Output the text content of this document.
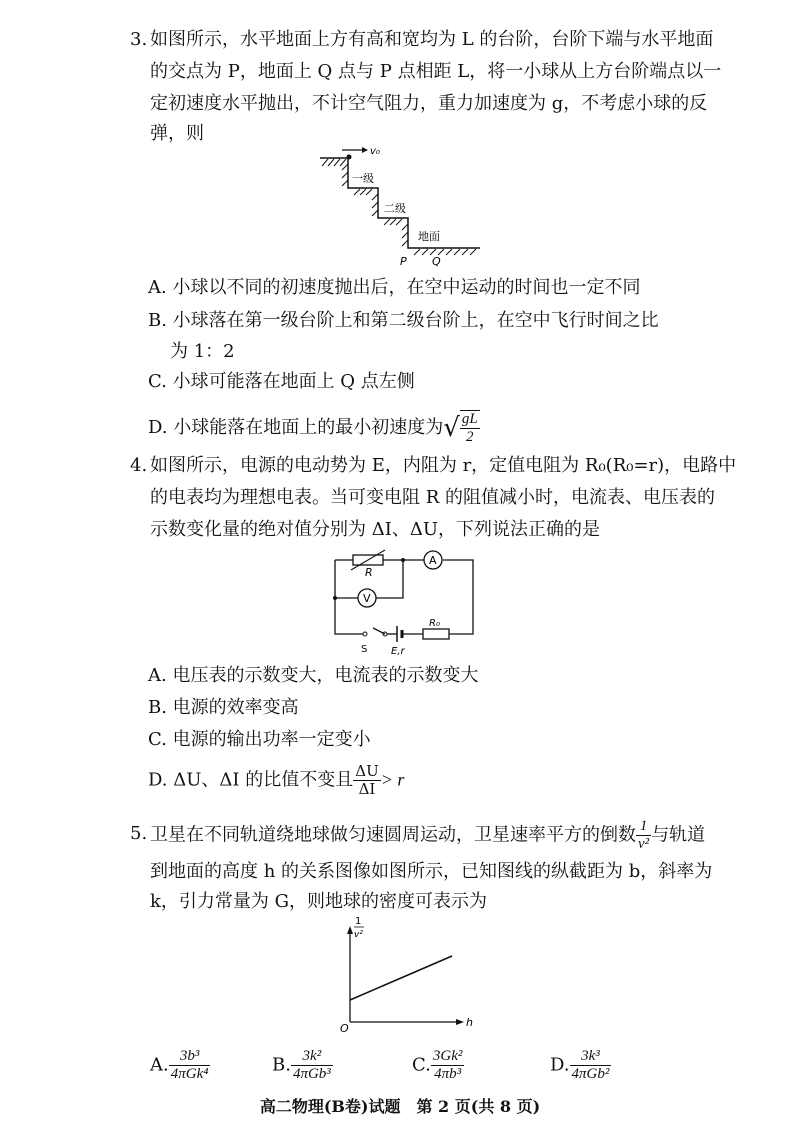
3. 如图所示，水平地面上方有高和宽均为 L 的台阶，台阶下端与水平地面
的交点为 P，地面上 Q 点与 P 点相距 L，将一小球从上方台阶端点以一
定初速度水平抛出，不计空气阻力，重力加速度为 g，不考虑小球的反
弹，则
v₀
一级
二级
地面
P Q
A. 小球以不同的初速度抛出后，在空中运动的时间也一定不同
B. 小球落在第一级台阶上和第二级台阶上，在空中飞行时间之比
为 1：2
C. 小球可能落在地面上 Q 点左侧
D. 小球能落在地面上的最小初速度为√ $\frac{gL}{2}$
4. 如图所示，电源的电动势为 E，内阻为 r，定值电阻为 R₀(R₀=r)，电路中
的电表均为理想电表。当可变电阻 R 的阻值减小时，电流表、电压表的
示数变化量的绝对值分别为 ΔI、ΔU，下列说法正确的是
A
R
V
S E,r
R₀
A. 电压表的示数变大，电流表的示数变大
B. 电源的效率变高
C. 电源的输出功率一定变小
D. ΔU、ΔI 的比值不变且 $\frac{\Delta U}{\Delta I} > r$
5. 卫星在不同轨道绕地球做匀速圆周运动，卫星速率平方的倒数 $\frac{1}{\text{v²}}$ 与轨道
到地面的高度 h 的关系图像如图所示，已知图线的纵截距为 b，斜率为
k，引力常量为 G，则地球的密度可表示为
1
v²
O	h
A. $\frac{\text{3b³}}{\text{4πGk⁴}}$	B. $\frac{\text{3k²}}{\text{4πGb³}}$	C. $\frac{\text{3Gk²}}{\text{4πb³}}$	D. $\frac{\text{3k³}}{\text{4πGb²}}$
高二物理(B卷)试题　第 2 页(共 8 页)
